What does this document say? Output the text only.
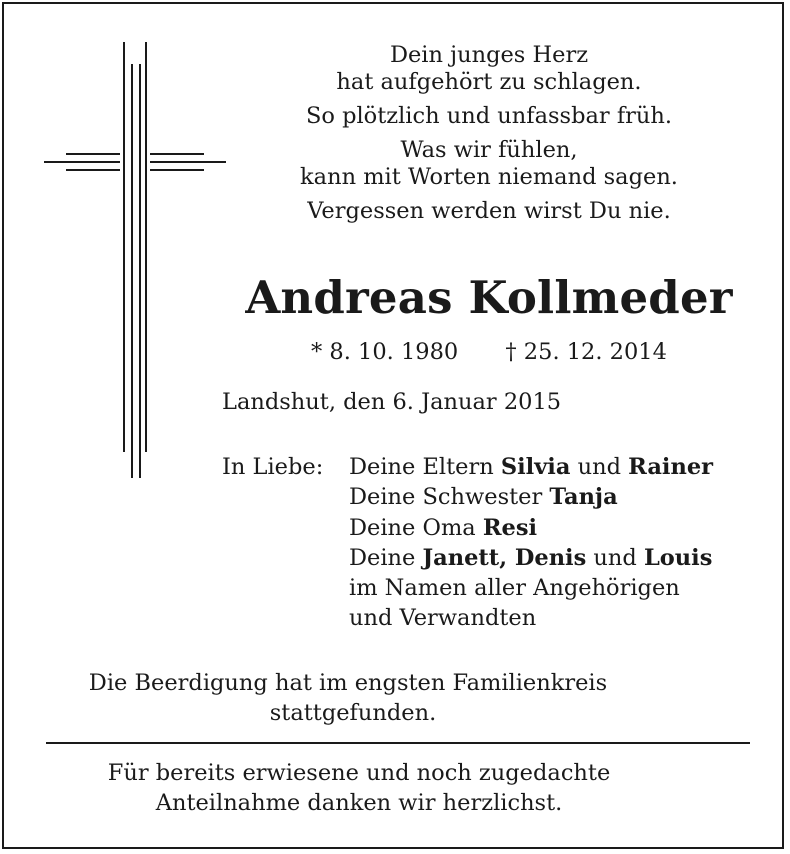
Dein junges Herz
hat aufgehört zu schlagen.
So plötzlich und unfassbar früh.
Was wir fühlen,
kann mit Worten niemand sagen.
Vergessen werden wirst Du nie.
Andreas Kollmeder
* 8. 10. 1980 † 25. 12. 2014
Landshut, den 6. Januar 2015
In Liebe: Deine Eltern Silvia und Rainer
Deine Schwester Tanja
Deine Oma Resi
Deine Janett, Denis und Louis
im Namen aller Angehörigen
und Verwandten
Die Beerdigung hat im engsten Familienkreis
stattgefunden.
Für bereits erwiesene und noch zugedachte
Anteilnahme danken wir herzlichst.
